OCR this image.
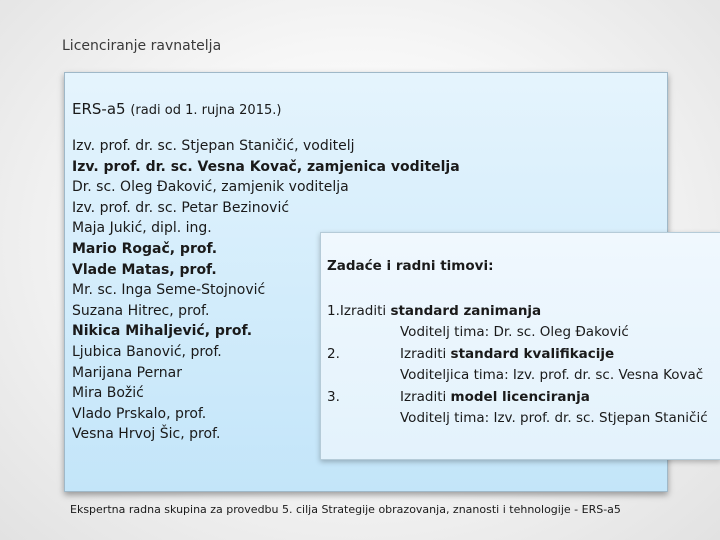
Licenciranje ravnatelja
ERS-a5 (radi od 1. rujna 2015.)
Izv. prof. dr. sc. Stjepan Staničić, voditelj
Izv. prof. dr. sc. Vesna Kovač, zamjenica voditelja
Dr. sc. Oleg Đaković, zamjenik voditelja
Izv. prof. dr. sc. Petar Bezinović
Maja Jukić, dipl. ing.
Mario Rogač, prof.
Vlade Matas, prof.
Mr. sc. Inga Seme-Stojnović
Suzana Hitrec, prof.
Nikica Mihaljević, prof.
Ljubica Banović, prof.
Marijana Pernar
Mira Božić
Vlado Prskalo, prof.
Vesna Hrvoj Šic, prof.
Zadaće i radni timovi:
1.Izraditi standard zanimanja
Voditelj tima: Dr. sc. Oleg Đaković
2.	Izraditi standard kvalifikacije
Voditeljica tima: Izv. prof. dr. sc. Vesna Kovač
3.	Izraditi model licenciranja
Voditelj tima: Izv. prof. dr. sc. Stjepan Staničić
Ekspertna radna skupina za provedbu 5. cilja Strategije obrazovanja, znanosti i tehnologije - ERS-a5
